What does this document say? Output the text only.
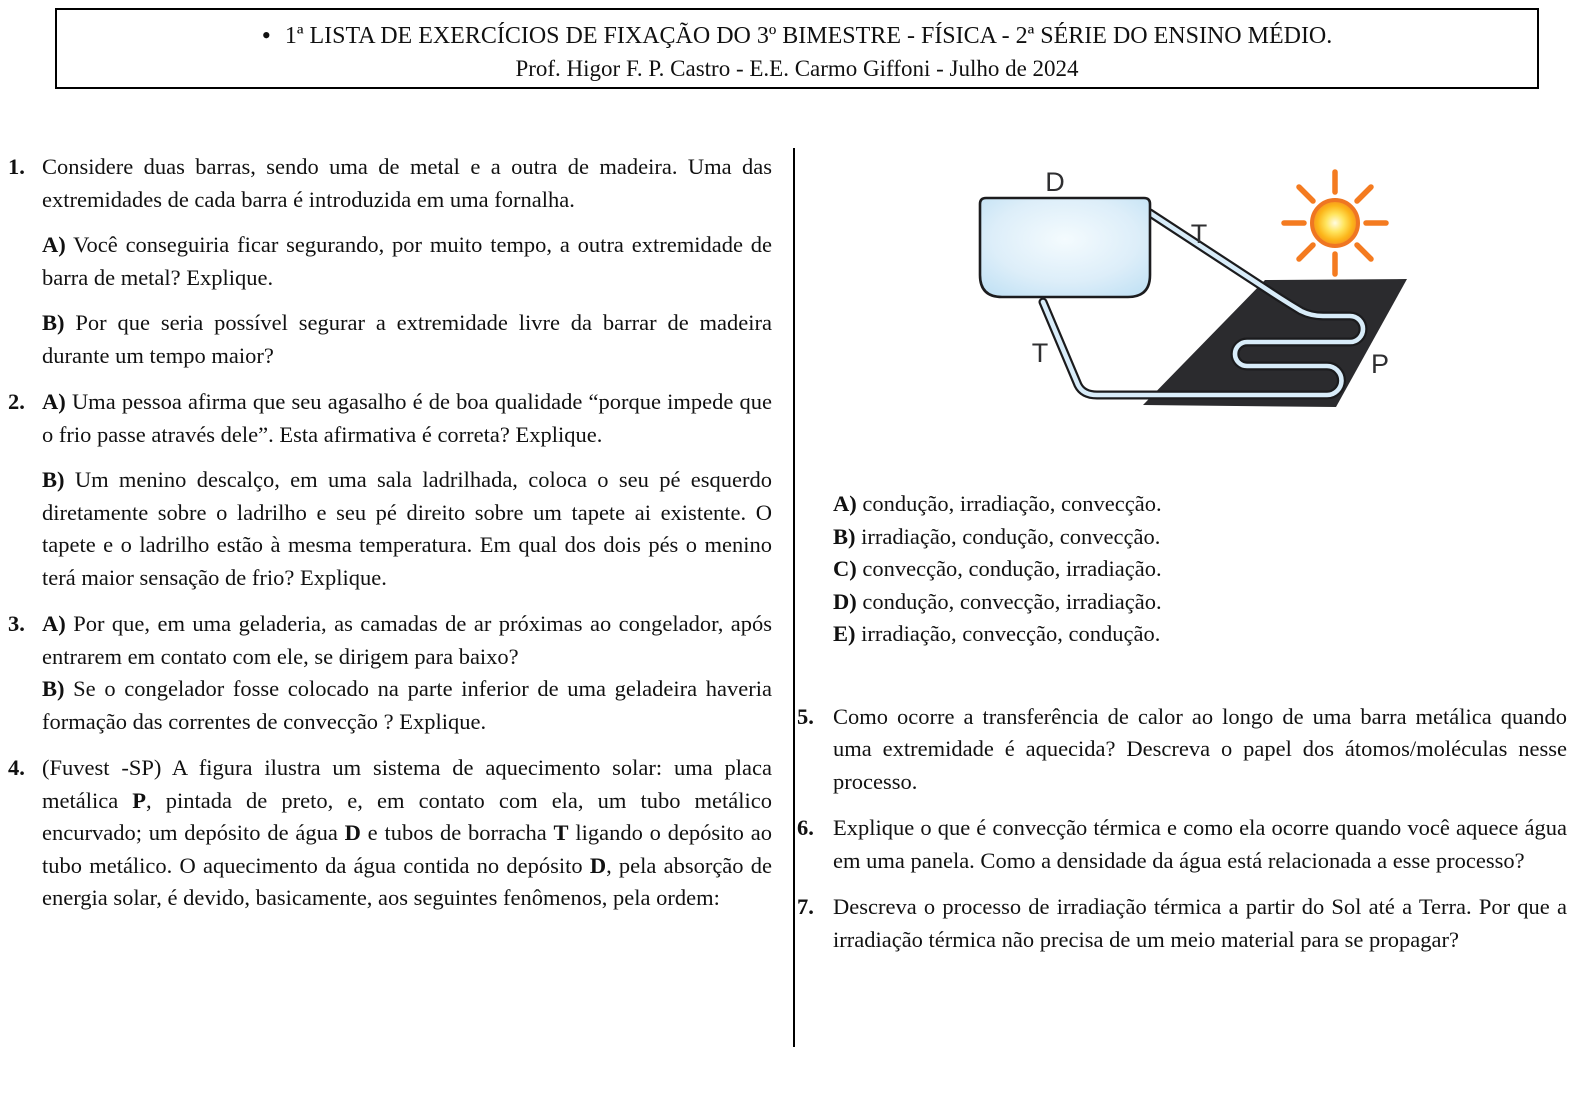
• 1ª LISTA DE EXERCÍCIOS DE FIXAÇÃO DO 3º BIMESTRE - FÍSICA - 2ª SÉRIE DO ENSINO MÉDIO.
Prof. Higor F. P. Castro - E.E. Carmo Giffoni - Julho de 2024
1. Considere duas barras, sendo uma de metal e a outra de madeira. Uma das extremidades de cada barra é introduzida em uma fornalha.

A) Você conseguiria ficar segurando, por muito tempo, a outra extremidade de barra de metal? Explique.

B) Por que seria possível segurar a extremidade livre da barrar de madeira durante um tempo maior?

2. A) Uma pessoa afirma que seu agasalho é de boa qualidade “porque impede que o frio passe através dele”. Esta afirmativa é correta? Explique.

B) Um menino descalço, em uma sala ladrilhada, coloca o seu pé esquerdo diretamente sobre o ladrilho e seu pé direito sobre um tapete ai existente. O tapete e o ladrilho estão à mesma temperatura. Em qual dos dois pés o menino terá maior sensação de frio? Explique.

3. A) Por que, em uma geladeria, as camadas de ar próximas ao congelador, após entrarem em contato com ele, se dirigem para baixo?

B) Se o congelador fosse colocado na parte inferior de uma geladeira haveria formação das correntes de convecção ? Explique.

4. (Fuvest -SP) A figura ilustra um sistema de aquecimento solar: uma placa metálica P, pintada de preto, e, em contato com ela, um tubo metálico encurvado; um depósito de água D e tubos de borracha T ligando o depósito ao tubo metálico. O aquecimento da água contida no depósito D, pela absorção de energia solar, é devido, basicamente, aos seguintes fenômenos, pela ordem:

D
T
T	P
A) condução, irradiação, convecção.
B) irradiação, condução, convecção.
C) convecção, condução, irradiação.
D) condução, convecção, irradiação.
E) irradiação, convecção, condução.
5. Como ocorre a transferência de calor ao longo de uma barra metálica quando uma extremidade é aquecida? Descreva o papel dos átomos/moléculas nesse processo.

6. Explique o que é convecção térmica e como ela ocorre quando você aquece água em uma panela. Como a densidade da água está relacionada a esse processo?

7. Descreva o processo de irradiação térmica a partir do Sol até a Terra. Por que a irradiação térmica não precisa de um meio material para se propagar?
